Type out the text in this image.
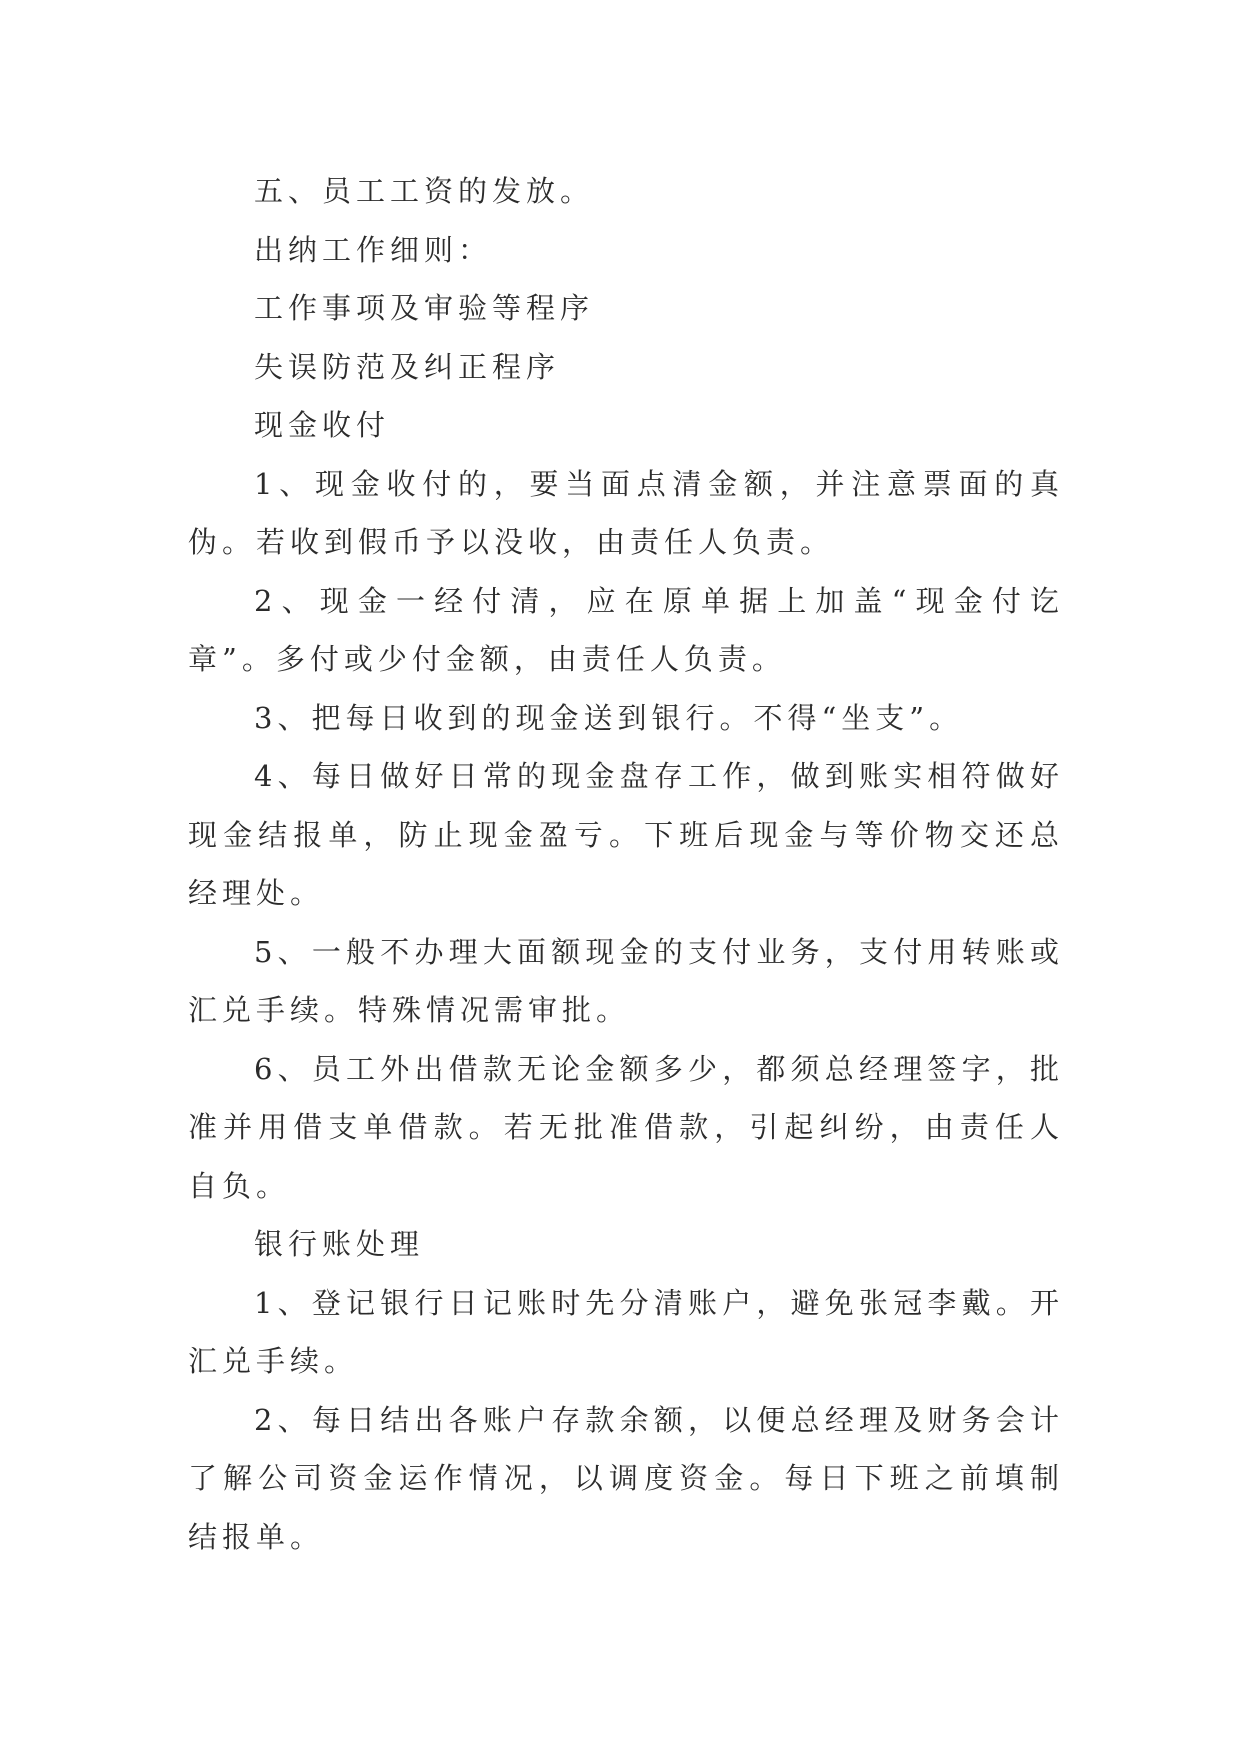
五、员工工资的发放。

出纳工作细则：

工作事项及审验等程序

失误防范及纠正程序

现金收付

1、现金收付的，要当面点清金额，并注意票面的真伪。若收到假币予以没收，由责任人负责。

2、现金一经付清，应在原单据上加盖“现金付讫章”。多付或少付金额，由责任人负责。

3、把每日收到的现金送到银行。不得“坐支”。

4、每日做好日常的现金盘存工作，做到账实相符做好现金结报单，防止现金盈亏。下班后现金与等价物交还总经理处。

5、一般不办理大面额现金的支付业务，支付用转账或汇兑手续。特殊情况需审批。

6、员工外出借款无论金额多少，都须总经理签字，批准并用借支单借款。若无批准借款，引起纠纷，由责任人自负。

银行账处理

1、登记银行日记账时先分清账户，避免张冠李戴。开汇兑手续。

2、每日结出各账户存款余额，以便总经理及财务会计了解公司资金运作情况，以调度资金。每日下班之前填制结报单。
